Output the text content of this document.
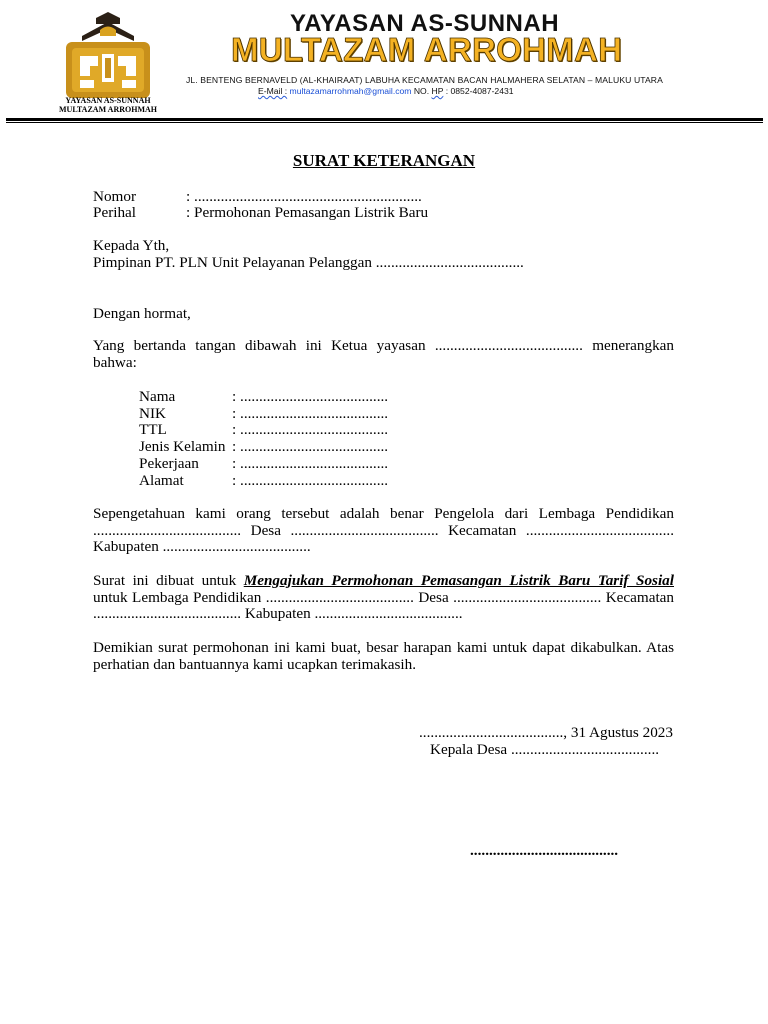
YAYASAN AS-SUNNAH
MULTAZAM ARROHMAH
YAYASAN AS-SUNNAH
MULTAZAM ARROHMAH
JL. BENTENG BERNAVELD (AL-KHAIRAAT) LABUHA KECAMATAN BACAN HALMAHERA SELATAN – MALUKU UTARA
E-Mail : multazamarrohmah@gmail.com NO. HP : 0852-4087-2431
SURAT KETERANGAN
Nomor	: ............................................................
Perihal	: Permohonan Pemasangan Listrik Baru
Kepada Yth,
Pimpinan PT. PLN Unit Pelayanan Pelanggan .......................................
Dengan hormat,
Yang bertanda tangan dibawah ini Ketua yayasan ....................................... menerangkan bahwa:
Nama	: .......................................
NIK	: .......................................
TTL	: .......................................
Jenis Kelamin : .......................................
Pekerjaan : .......................................
Alamat	: .......................................
Sepengetahuan kami orang tersebut adalah benar Pengelola dari Lembaga Pendidikan ....................................... Desa ....................................... Kecamatan ....................................... Kabupaten .......................................
Surat ini dibuat untuk Mengajukan Permohonan Pemasangan Listrik Baru Tarif Sosial untuk Lembaga Pendidikan ....................................... Desa ....................................... Kecamatan ....................................... Kabupaten .......................................
Demikian surat permohonan ini kami buat, besar harapan kami untuk dapat dikabulkan. Atas perhatian dan bantuannya kami ucapkan terimakasih.
......................................, 31 Agustus 2023
Kepala Desa .......................................
.......................................
